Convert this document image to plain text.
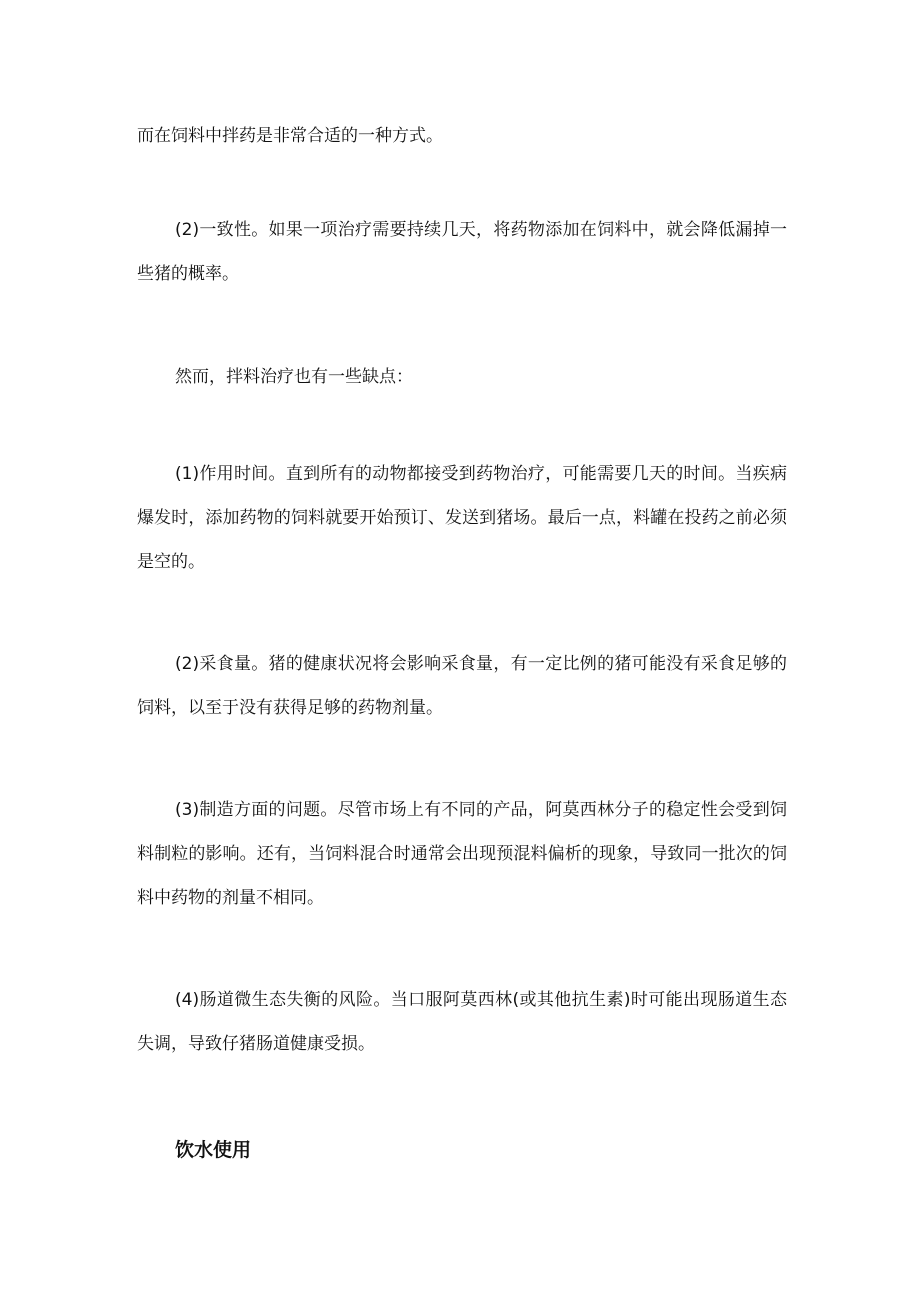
而在饲料中拌药是非常合适的一种方式。

(2)一致性。如果一项治疗需要持续几天，将药物添加在饲料中，就会降低漏掉一些猪的概率。

然而，拌料治疗也有一些缺点：

(1)作用时间。直到所有的动物都接受到药物治疗，可能需要几天的时间。当疾病爆发时，添加药物的饲料就要开始预订、发送到猪场。最后一点，料罐在投药之前必须是空的。

(2)采食量。猪的健康状况将会影响采食量，有一定比例的猪可能没有采食足够的饲料，以至于没有获得足够的药物剂量。

(3)制造方面的问题。尽管市场上有不同的产品，阿莫西林分子的稳定性会受到饲料制粒的影响。还有，当饲料混合时通常会出现预混料偏析的现象，导致同一批次的饲料中药物的剂量不相同。

(4)肠道微生态失衡的风险。当口服阿莫西林(或其他抗生素)时可能出现肠道生态失调，导致仔猪肠道健康受损。

饮水使用
